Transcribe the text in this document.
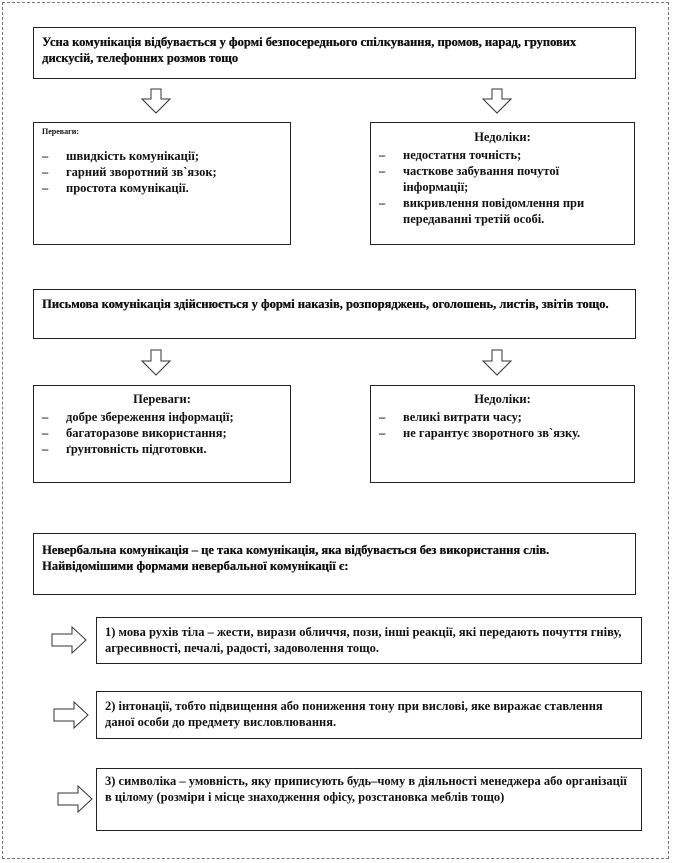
Усна комунікація відбувається у формі безпосереднього спілкування, промов, нарад, групових дискусій, телефонних розмов тощо
Переваги:
– швидкість комунікації;
– гарний зворотний зв`язок;
– простота комунікації.
Недоліки:
– недостатня точність;
– часткове забування почутої інформації;
– викривлення повідомлення при передаванні третій особі.
Письмова комунікація здійснюється у формі наказів, розпоряджень, оголошень, листів, звітів тощо.
Переваги:
– добре збереження інформації;
– багаторазове використання;
– ґрунтовність підготовки.
Недоліки:
– великі витрати часу;
– не гарантує зворотного зв`язку.
Невербальна комунікація – це така комунікація, яка відбувається без використання слів. Найвідомішими формами невербальної комунікації є:
1) мова рухів тіла – жести, вирази обличчя, пози, інші реакції, які передають почуття гніву, агресивності, печалі, радості, задоволення тощо.
2) інтонації, тобто підвищення або пониження тону при вислові, яке виражає ставлення даної особи до предмету висловлювання.
3) символіка – умовність, яку приписують будь–чому в діяльності менеджера або організації в цілому (розміри і місце знаходження офісу, розстановка меблів тощо)
